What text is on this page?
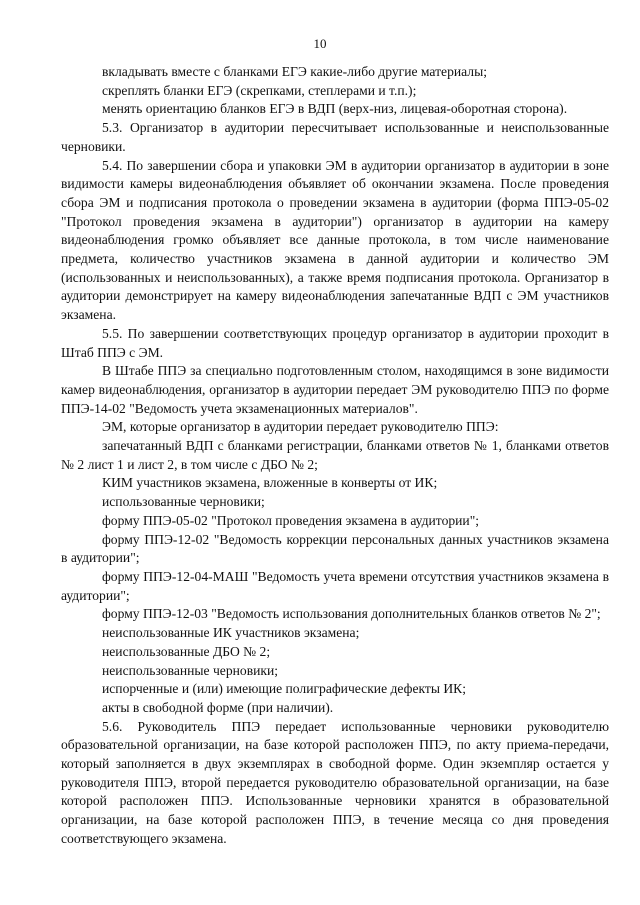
10

вкладывать вместе с бланками ЕГЭ какие-либо другие материалы;

скреплять бланки ЕГЭ (скрепками, степлерами и т.п.);

менять ориентацию бланков ЕГЭ в ВДП (верх-низ, лицевая-оборотная сторона).

5.3. Организатор в аудитории пересчитывает использованные и неиспользованные черновики.

5.4. По завершении сбора и упаковки ЭМ в аудитории организатор в аудитории в зоне видимости камеры видеонаблюдения объявляет об окончании экзамена. После проведения сбора ЭМ и подписания протокола о проведении экзамена в аудитории (форма ППЭ-05-02 "Протокол проведения экзамена в аудитории") организатор в аудитории на камеру видеонаблюдения громко объявляет все данные протокола, в том числе наименование предмета, количество участников экзамена в данной аудитории и количество ЭМ (использованных и неиспользованных), а также время подписания протокола. Организатор в аудитории демонстрирует на камеру видеонаблюдения запечатанные ВДП с ЭМ участников экзамена.

5.5. По завершении соответствующих процедур организатор в аудитории проходит в Штаб ППЭ с ЭМ.

В Штабе ППЭ за специально подготовленным столом, находящимся в зоне видимости камер видеонаблюдения, организатор в аудитории передает ЭМ руководителю ППЭ по форме ППЭ-14-02 "Ведомость учета экзаменационных материалов".

ЭМ, которые организатор в аудитории передает руководителю ППЭ:

запечатанный ВДП с бланками регистрации, бланками ответов № 1, бланками ответов № 2 лист 1 и лист 2, в том числе с ДБО № 2;

КИМ участников экзамена, вложенные в конверты от ИК;

использованные черновики;

форму ППЭ-05-02 "Протокол проведения экзамена в аудитории";

форму ППЭ-12-02 "Ведомость коррекции персональных данных участников экзамена в аудитории";

форму ППЭ-12-04-МАШ "Ведомость учета времени отсутствия участников экзамена в аудитории";

форму ППЭ-12-03 "Ведомость использования дополнительных бланков ответов № 2";

неиспользованные ИК участников экзамена;

неиспользованные ДБО № 2;

неиспользованные черновики;

испорченные и (или) имеющие полиграфические дефекты ИК;

акты в свободной форме (при наличии).

5.6. Руководитель ППЭ передает использованные черновики руководителю образовательной организации, на базе которой расположен ППЭ, по акту приема-передачи, который заполняется в двух экземплярах в свободной форме. Один экземпляр остается у руководителя ППЭ, второй передается руководителю образовательной организации, на базе которой расположен ППЭ. Использованные черновики хранятся в образовательной организации, на базе которой расположен ППЭ, в течение месяца со дня проведения соответствующего экзамена.
